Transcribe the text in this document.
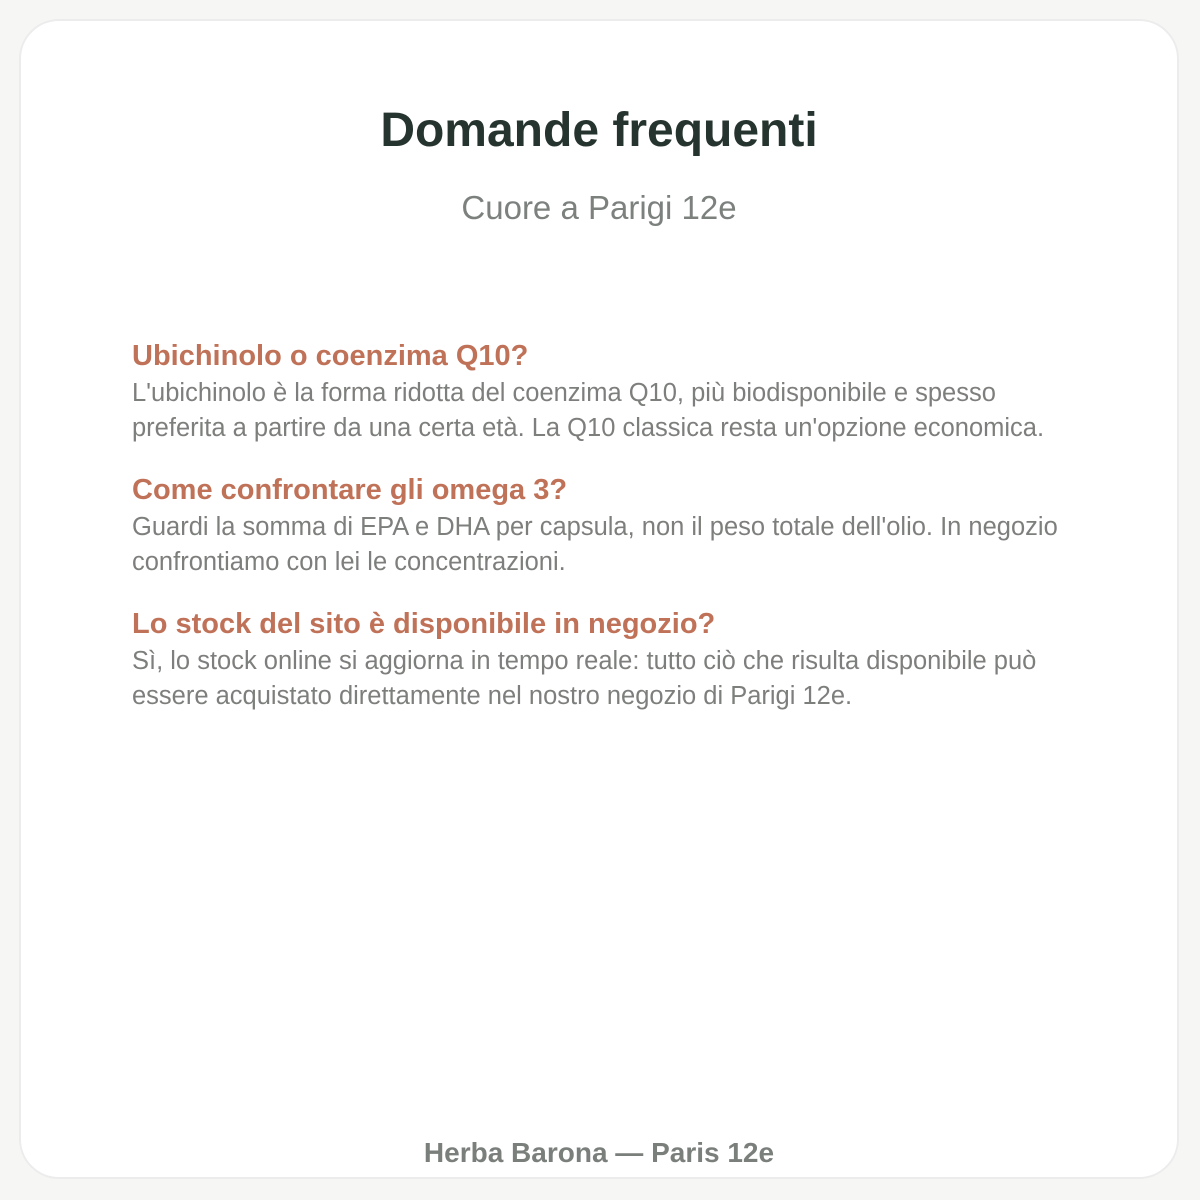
Domande frequenti
Cuore a Parigi 12e
Ubichinolo o coenzima Q10?

L'ubichinolo è la forma ridotta del coenzima Q10, più biodisponibile e spesso preferita a partire da una certa età. La Q10 classica resta un'opzione economica.

Come confrontare gli omega 3?

Guardi la somma di EPA e DHA per capsula, non il peso totale dell'olio. In negozio confrontiamo con lei le concentrazioni.

Lo stock del sito è disponibile in negozio?

Sì, lo stock online si aggiorna in tempo reale: tutto ciò che risulta disponibile può essere acquistato direttamente nel nostro negozio di Parigi 12e.

Herba Barona — Paris 12e
